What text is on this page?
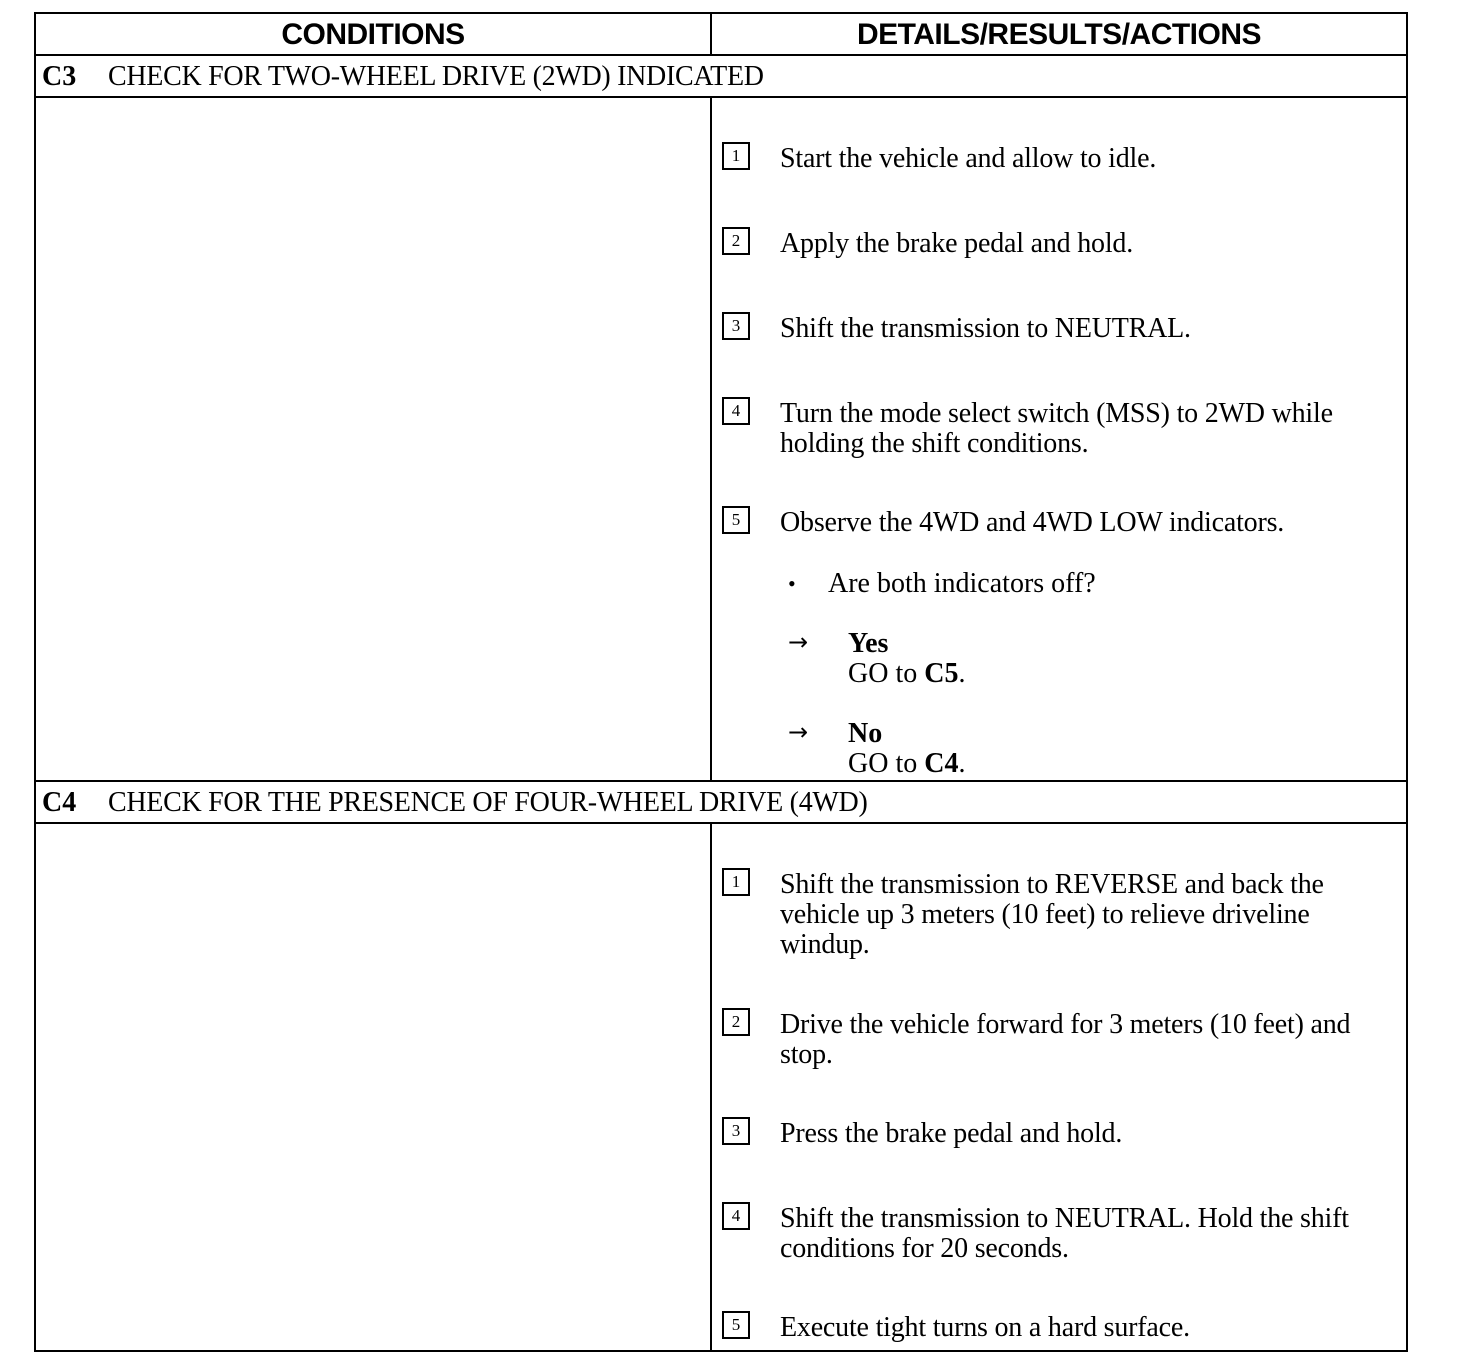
CONDITIONS	DETAILS/RESULTS/ACTIONS
C3 CHECK FOR TWO-WHEEL DRIVE (2WD) INDICATED
1	Start the vehicle and allow to idle.
2	Apply the brake pedal and hold.
3	Shift the transmission to NEUTRAL.
4	Turn the mode select switch (MSS) to 2WD while holding the shift conditions.
5	Observe the 4WD and 4WD LOW indicators.
• Are both indicators off?
→ Yes
GO to C5.
→ No
GO to C4.
C4 CHECK FOR THE PRESENCE OF FOUR-WHEEL DRIVE (4WD)
1	Shift the transmission to REVERSE and back the vehicle up 3 meters (10 feet) to relieve driveline windup.
2	Drive the vehicle forward for 3 meters (10 feet) and stop.
3	Press the brake pedal and hold.
4	Shift the transmission to NEUTRAL. Hold the shift conditions for 20 seconds.
5	Execute tight turns on a hard surface.
